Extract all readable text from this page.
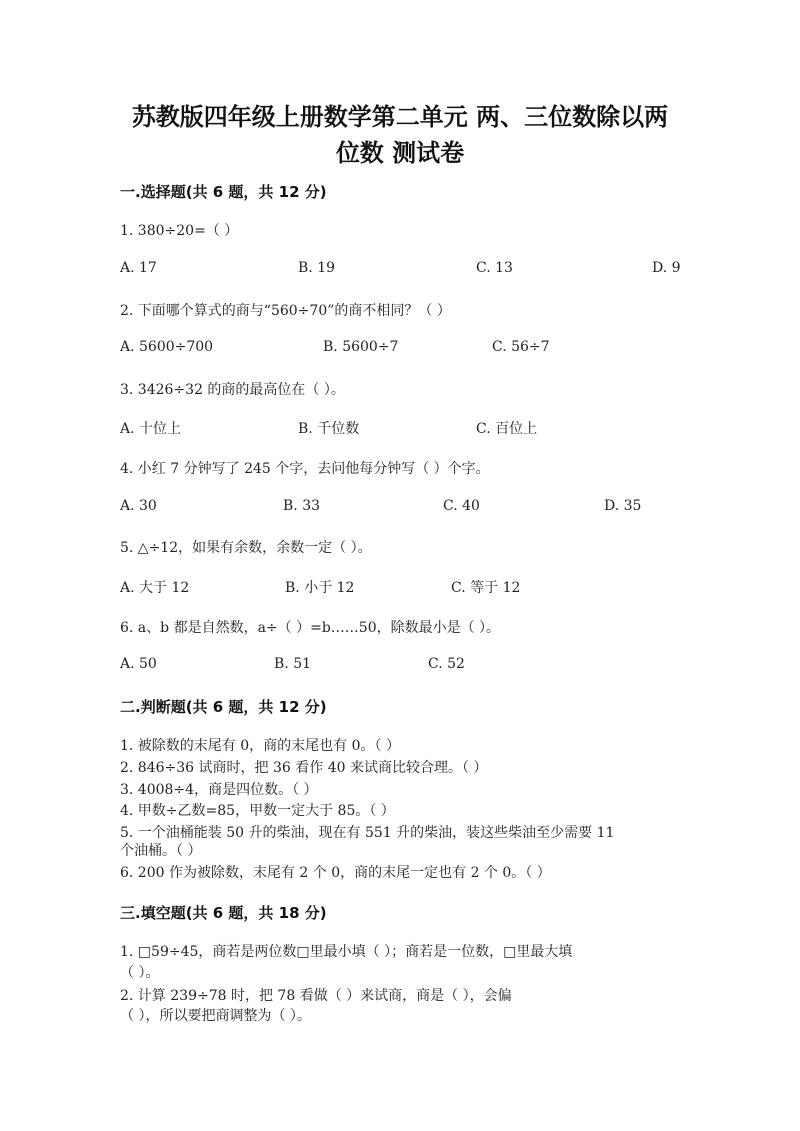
苏教版四年级上册数学第二单元 两、三位数除以两
位数 测试卷
一.选择题(共 6 题，共 12 分)
1. 380÷20=（ ）
A. 17	B. 19	C. 13	D. 9
2. 下面哪个算式的商与“560÷70”的商不相同？（ ）
A. 5600÷700	B. 5600÷7	C. 56÷7
3. 3426÷32 的商的最高位在（ ）。
A. 十位上	B. 千位数	C. 百位上
4. 小红 7 分钟写了 245 个字，去问他每分钟写（ ）个字。
A. 30	B. 33	C. 40	D. 35
5. △÷12，如果有余数，余数一定（ ）。
A. 大于 12	B. 小于 12	C. 等于 12
6. a、b 都是自然数，a÷（ ）=b……50，除数最小是（ ）。
A. 50	B. 51	C. 52
二.判断题(共 6 题，共 12 分)
1. 被除数的末尾有 0，商的末尾也有 0。（ ）
2. 846÷36 试商时，把 36 看作 40 来试商比较合理。（ ）
3. 4008÷4，商是四位数。（ ）
4. 甲数÷乙数=85，甲数一定大于 85。（ ）
5. 一个油桶能装 50 升的柴油，现在有 551 升的柴油，装这些柴油至少需要 11
个油桶。（ ）
6. 200 作为被除数，末尾有 2 个 0，商的末尾一定也有 2 个 0。（ ）
三.填空题(共 6 题，共 18 分)
1. □59÷45，商若是两位数□里最小填（ ）；商若是一位数，□里最大填
（ ）。
2. 计算 239÷78 时，把 78 看做（ ）来试商，商是（ ），会偏
（ ），所以要把商调整为（ ）。
